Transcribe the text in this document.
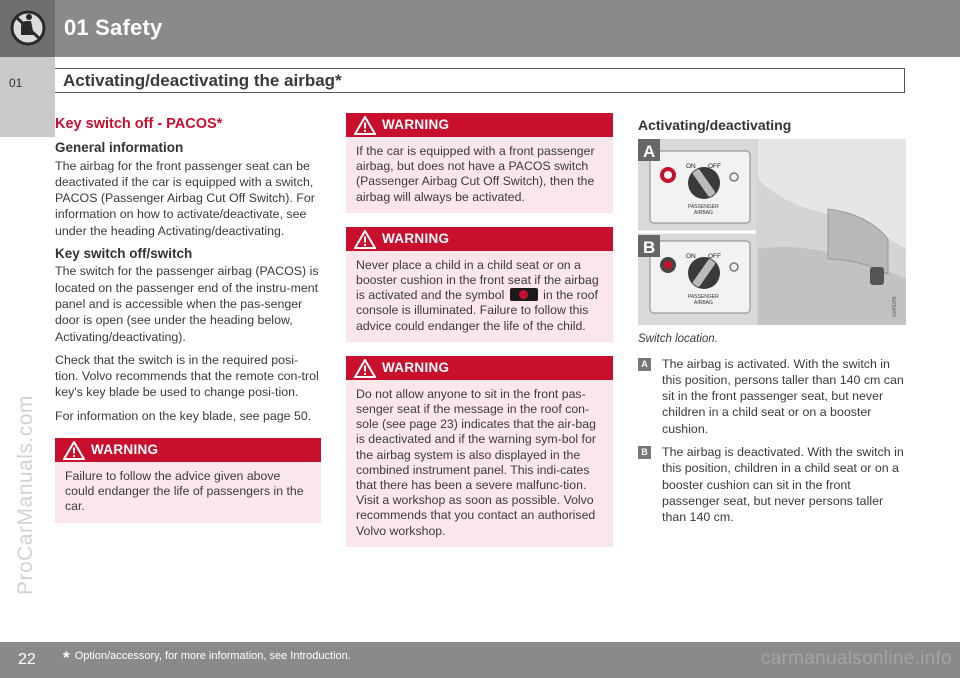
01 Safety
01
ProCarManuals.com
Activating/deactivating the airbag*
Key switch off - PACOS*
General information

The airbag for the front passenger seat can be deactivated if the car is equipped with a switch, PACOS (Passenger Airbag Cut Off Switch). For information on how to activate/deactivate, see under the heading Activating/deactivating.

Key switch off/switch

The switch for the passenger airbag (PACOS) is located on the passenger end of the instru-ment panel and is accessible when the pas-senger door is open (see under the heading below, Activating/deactivating).

Check that the switch is in the required posi-tion. Volvo recommends that the remote con-trol key's key blade be used to change posi-tion.

For information on the key blade, see page 50.

WARNING
Failure to follow the advice given above could endanger the life of passengers in the car.
WARNING
If the car is equipped with a front passenger airbag, but does not have a PACOS switch (Passenger Airbag Cut Off Switch), then the airbag will always be activated.
WARNING
Never place a child in a child seat or on a booster cushion in the front seat if the airbag is activated and the symbol	in the roof console is illuminated. Failure to follow this advice could endanger the life of the child.
WARNING
Do not allow anyone to sit in the front pas-senger seat if the message in the roof con-sole (see page 23) indicates that the air-bag is deactivated and if the warning sym-bol for the airbag system is also displayed in the combined instrument panel. This indi-cates that there has been a severe malfunc-tion. Visit a workshop as soon as possible. Volvo recommends that you contact an authorised Volvo workshop.
Activating/deactivating
ON OFF
PASSENGER
AIRBAG
ON OFF
PASSENGER
AIRBAG
A
B
G045345
Switch location.
A The airbag is activated. With the switch in this position, persons taller than 140 cm can sit in the front passenger seat, but never children in a child seat or on a booster cushion.
B The airbag is deactivated. With the switch in this position, children in a child seat or on a booster cushion can sit in the front passenger seat, but never persons taller than 140 cm.
22 * Option/accessory, for more information, see Introduction.	carmanualsonline.info
